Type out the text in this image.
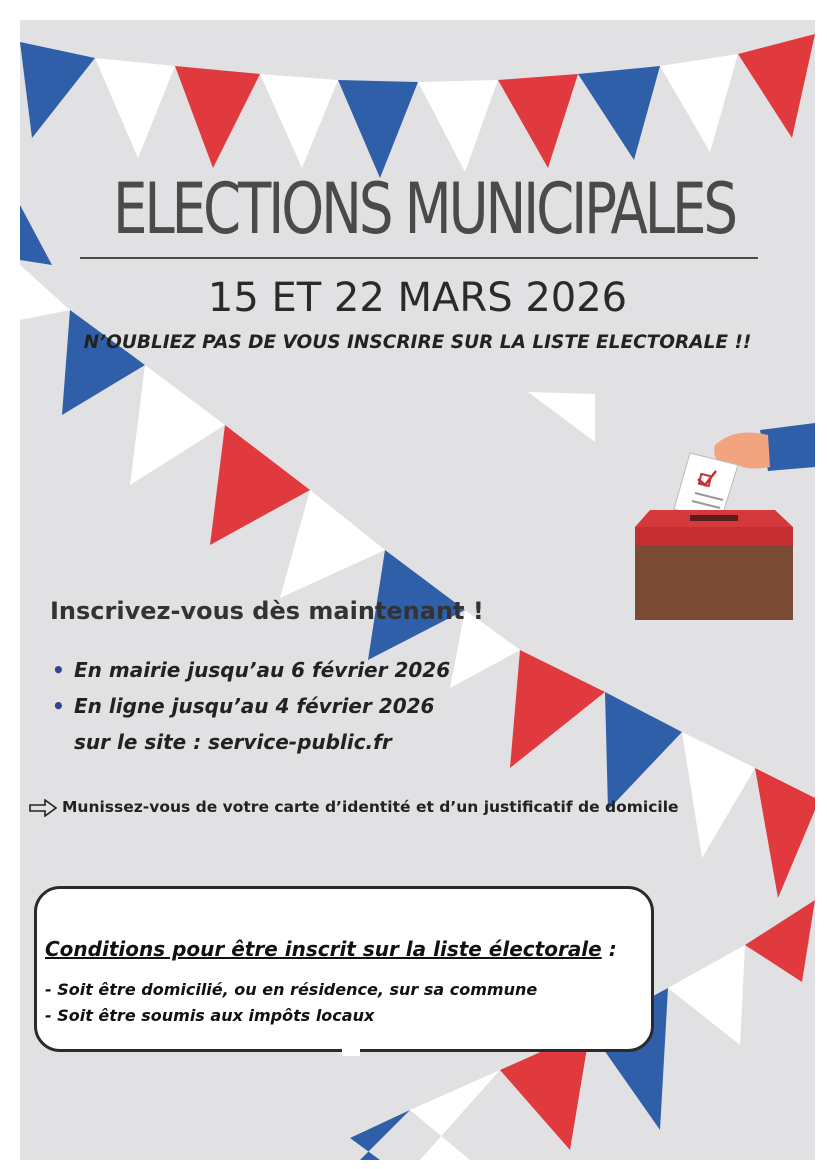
ELECTIONS MUNICIPALES
15 ET 22 MARS 2026
N’OUBLIEZ PAS DE VOUS INSCRIRE SUR LA LISTE ELECTORALE !!
Inscrivez-vous dès maintenant !
• En mairie jusqu’au 6 février 2026
• En ligne jusqu’au 4 février 2026
sur le site : service-public.fr
Munissez-vous de votre carte d’identité et d’un justificatif de domicile
Conditions pour être inscrit sur la liste électorale :
- Soit être domicilié, ou en résidence, sur sa commune
- Soit être soumis aux impôts locaux
